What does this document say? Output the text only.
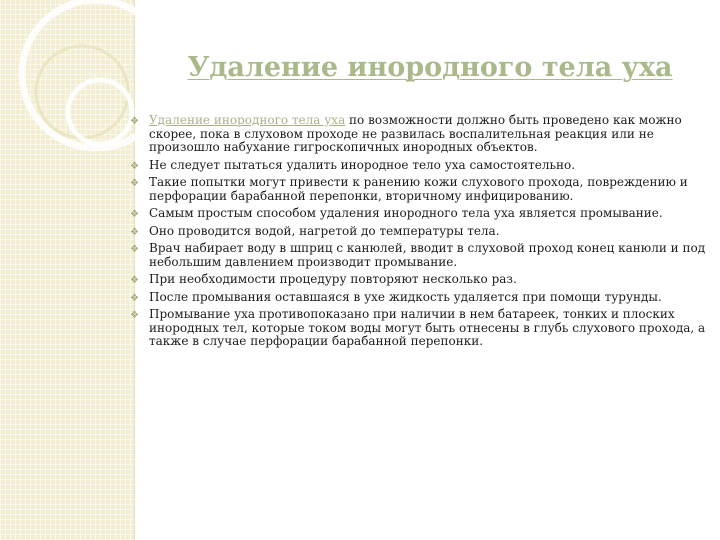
Удаление инородного тела уха
❖ Удаление инородного тела уха по возможности должно быть проведено как можно скорее, пока в слуховом проходе не развилась воспалительная реакция или не произошло набухание гигроскопичных инородных объектов.
❖ Не следует пытаться удалить инородное тело уха самостоятельно.
❖ Такие попытки могут привести к ранению кожи слухового прохода, повреждению и перфорации барабанной перепонки, вторичному инфицированию.
❖ Самым простым способом удаления инородного тела уха является промывание.
❖ Оно проводится водой, нагретой до температуры тела.
❖ Врач набирает воду в шприц с канюлей, вводит в слуховой проход конец канюли и под небольшим давлением производит промывание.
❖ При необходимости процедуру повторяют несколько раз.
❖ После промывания оставшаяся в ухе жидкость удаляется при помощи турунды.
❖ Промывание уха противопоказано при наличии в нем батареек, тонких и плоских инородных тел, которые током воды могут быть отнесены в глубь слухового прохода, а также в случае перфорации барабанной перепонки.
